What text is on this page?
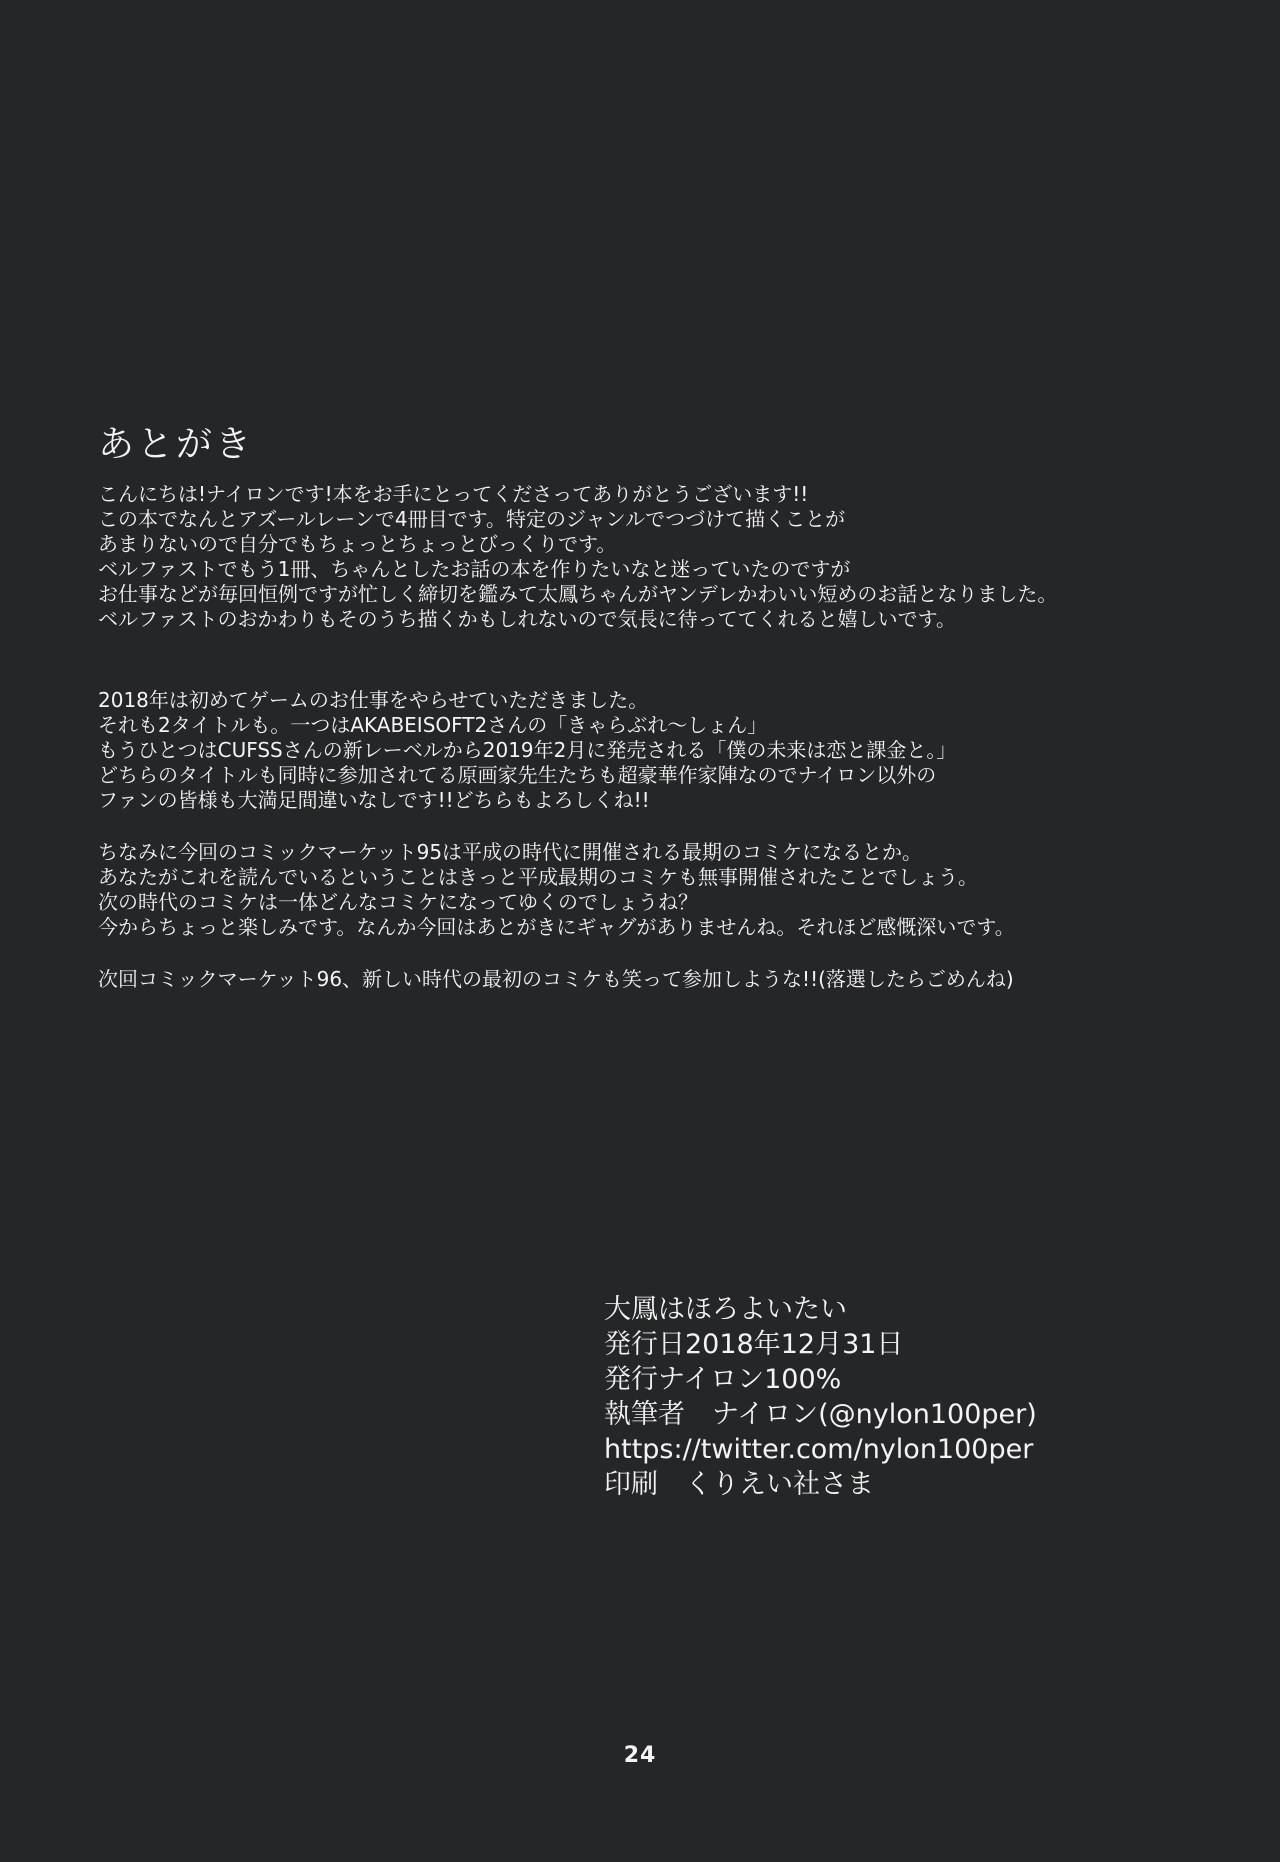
あとがき
こんにちは!ナイロンです!本をお手にとってくださってありがとうございます!!
この本でなんとアズールレーンで4冊目です。特定のジャンルでつづけて描くことが
あまりないので自分でもちょっとちょっとびっくりです。
ベルファストでもう1冊、ちゃんとしたお話の本を作りたいなと迷っていたのですが
お仕事などが毎回恒例ですが忙しく締切を鑑みて太鳳ちゃんがヤンデレかわいい短めのお話となりました。
ベルファストのおかわりもそのうち描くかもしれないので気長に待っててくれると嬉しいです。
2018年は初めてゲームのお仕事をやらせていただきました。
それも2タイトルも。一つはAKABEISOFT2さんの「きゃらぶれ～しょん」
もうひとつはCUFSSさんの新レーベルから2019年2月に発売される「僕の未来は恋と課金と。」
どちらのタイトルも同時に参加されてる原画家先生たちも超豪華作家陣なのでナイロン以外の
ファンの皆様も大満足間違いなしです!!どちらもよろしくね!!
ちなみに今回のコミックマーケット95は平成の時代に開催される最期のコミケになるとか。
あなたがこれを読んでいるということはきっと平成最期のコミケも無事開催されたことでしょう。
次の時代のコミケは一体どんなコミケになってゆくのでしょうね？
今からちょっと楽しみです。なんか今回はあとがきにギャグがありませんね。それほど感慨深いです。
次回コミックマーケット96、新しい時代の最初のコミケも笑って参加しような!!(落選したらごめんね)
大鳳はほろよいたい
発行日2018年12月31日
発行ナイロン100%
執筆者　ナイロン(@nylon100per)
https://twitter.com/nylon100per
印刷　くりえい社さま
24
